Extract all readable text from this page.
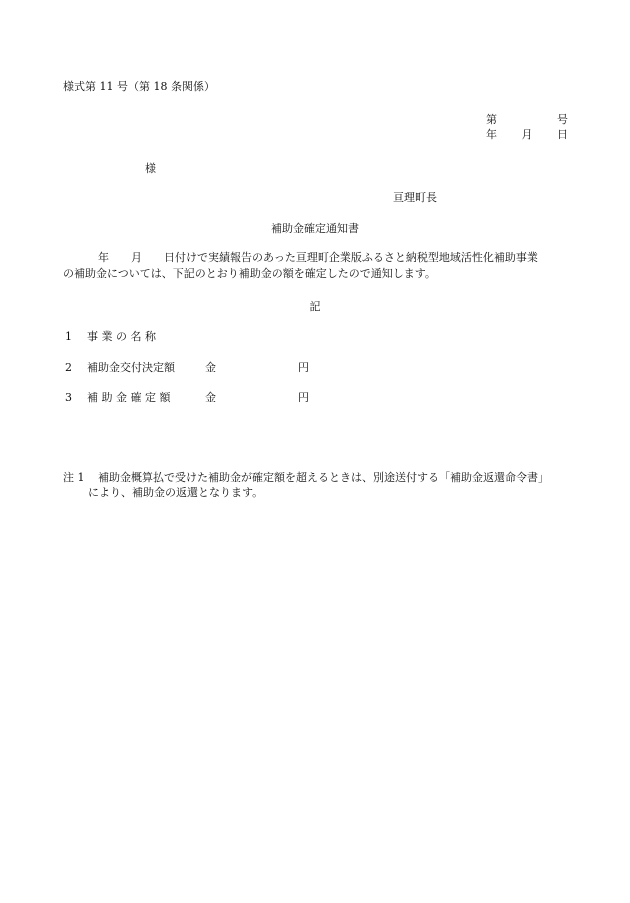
様式第 11 号（第 18 条関係）
第	号
年 月 日
様
亘理町長
補助金確定通知書
年 月 日付けで実績報告のあった亘理町企業版ふるさと納税型地域活性化補助事業
の補助金については、下記のとおり補助金の額を確定したので通知します。
記
1	事業の名称
2	補助金交付決定額	金	円
3	補助金確定額	金	円
注 1 補助金概算払で受けた補助金が確定額を超えるときは、別途送付する「補助金返還命令書」
により、補助金の返還となります。
